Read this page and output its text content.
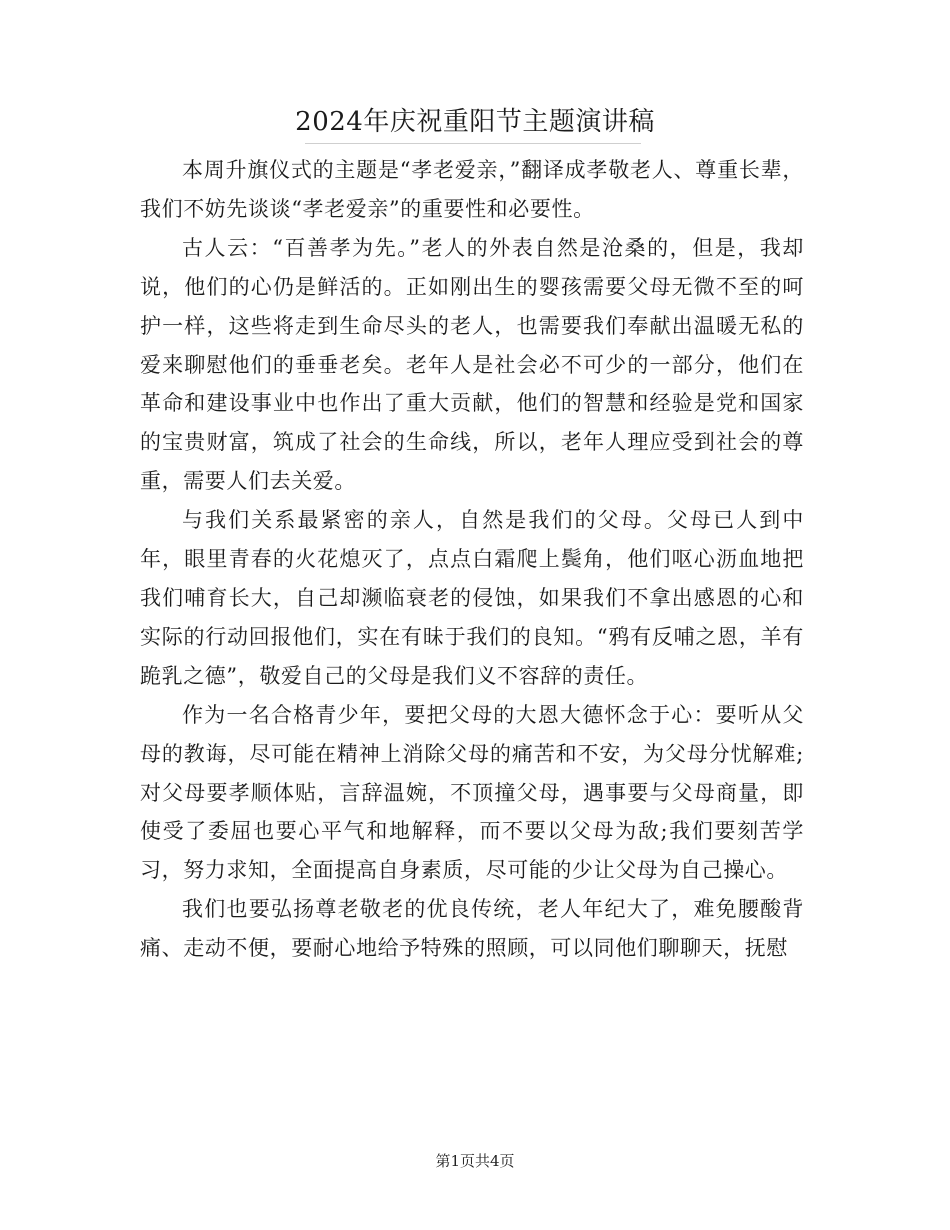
2024年庆祝重阳节主题演讲稿

本周升旗仪式的主题是“孝老爱亲，”翻译成孝敬老人、尊重长辈，我们不妨先谈谈“孝老爱亲”的重要性和必要性。

古人云：“百善孝为先。”老人的外表自然是沧桑的，但是，我却说，他们的心仍是鲜活的。正如刚出生的婴孩需要父母无微不至的呵护一样，这些将走到生命尽头的老人，也需要我们奉献出温暖无私的爱来聊慰他们的垂垂老矣。老年人是社会必不可少的一部分，他们在革命和建设事业中也作出了重大贡献，他们的智慧和经验是党和国家的宝贵财富，筑成了社会的生命线，所以，老年人理应受到社会的尊重，需要人们去关爱。

与我们关系最紧密的亲人，自然是我们的父母。父母已人到中年，眼里青春的火花熄灭了，点点白霜爬上鬓角，他们呕心沥血地把我们哺育长大，自己却濒临衰老的侵蚀，如果我们不拿出感恩的心和实际的行动回报他们，实在有昧于我们的良知。“鸦有反哺之恩，羊有跪乳之德”，敬爱自己的父母是我们义不容辞的责任。

作为一名合格青少年，要把父母的大恩大德怀念于心：要听从父母的教诲，尽可能在精神上消除父母的痛苦和不安，为父母分忧解难;对父母要孝顺体贴，言辞温婉，不顶撞父母，遇事要与父母商量，即使受了委屈也要心平气和地解释，而不要以父母为敌;我们要刻苦学习，努力求知，全面提高自身素质，尽可能的少让父母为自己操心。

我们也要弘扬尊老敬老的优良传统，老人年纪大了，难免腰酸背痛、走动不便，要耐心地给予特殊的照顾，可以同他们聊聊天，抚慰

第1页共4页
